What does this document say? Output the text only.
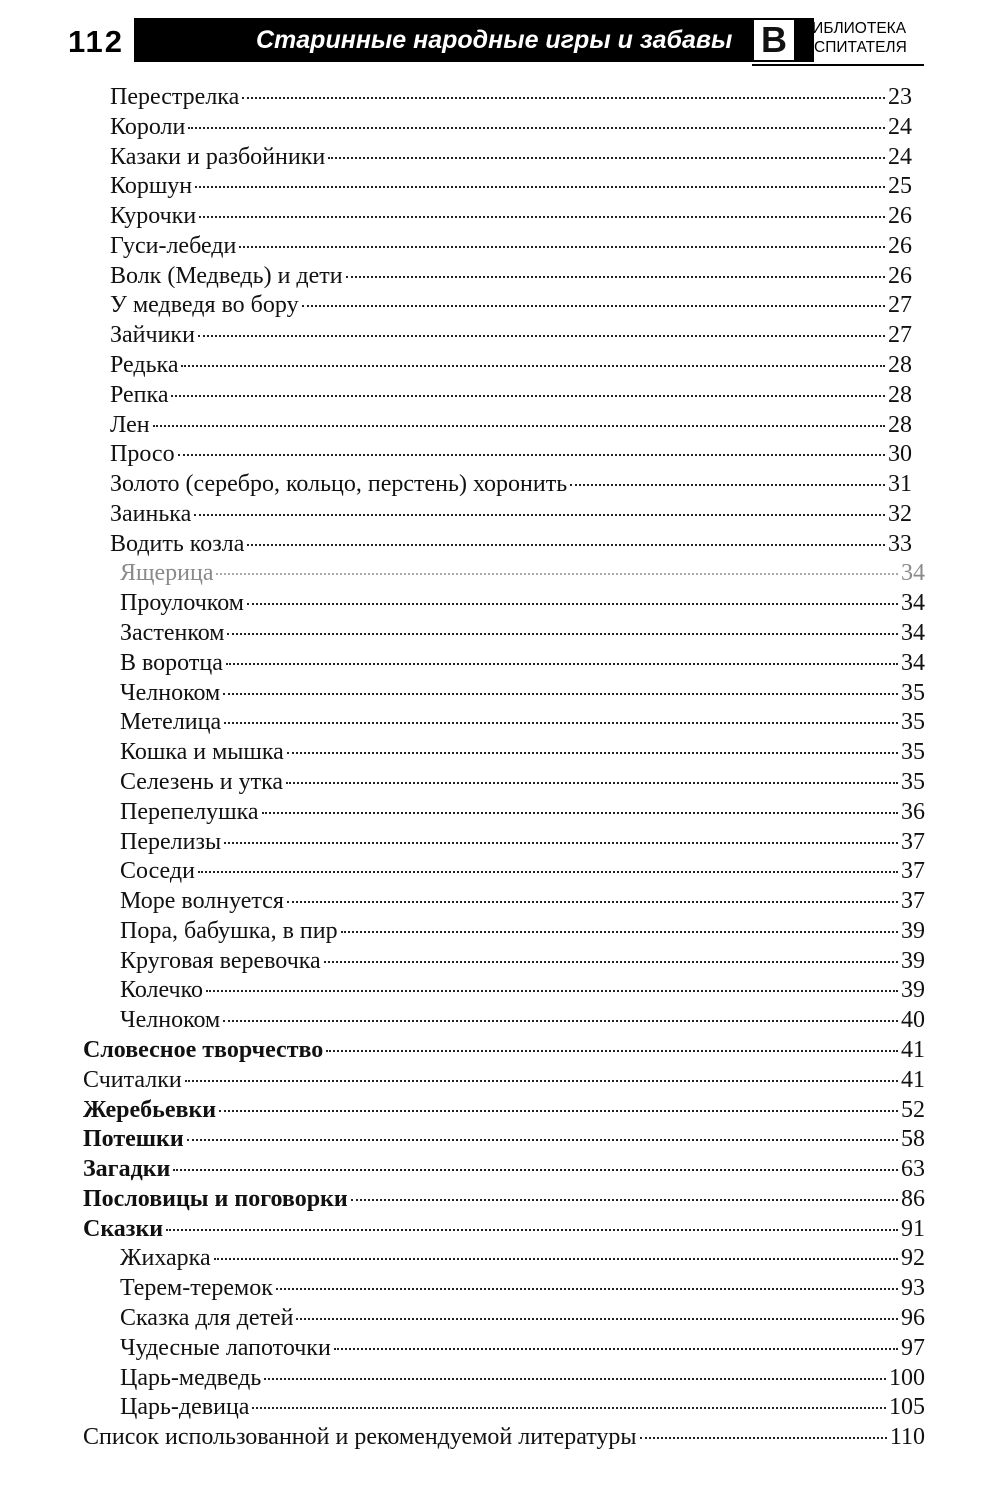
112	Старинные народные игры и забавы В БИБЛИОТЕКА
ОСПИТАТЕЛЯ
Перестрелка	23
Короли	24
Казаки и разбойники	24
Коршун	25
Курочки	26
Гуси-лебеди	26
Волк (Медведь) и дети	26
У медведя во бору	27
Зайчики	27
Редька	28
Репка	28
Лен	28
Просо	30
Золото (серебро, кольцо, перстень) хоронить	31
Заинька	32
Водить козла	33
Ящерица	34
Проулочком	34
Застенком	34
В воротца	34
Челноком	35
Метелица	35
Кошка и мышка	35
Селезень и утка	35
Перепелушка	36
Перелизы	37
Соседи	37
Море волнуется	37
Пора, бабушка, в пир	39
Круговая веревочка	39
Колечко	39
Челноком	40
Словесное творчество	41
Считалки	41
Жеребьевки	52
Потешки	58
Загадки	63
Пословицы и поговорки	86
Сказки	91
Жихарка	92
Терем-теремок	93
Сказка для детей	96
Чудесные лапоточки	97
Царь-медведь	100
Царь-девица	105
Список использованной и рекомендуемой литературы	110
